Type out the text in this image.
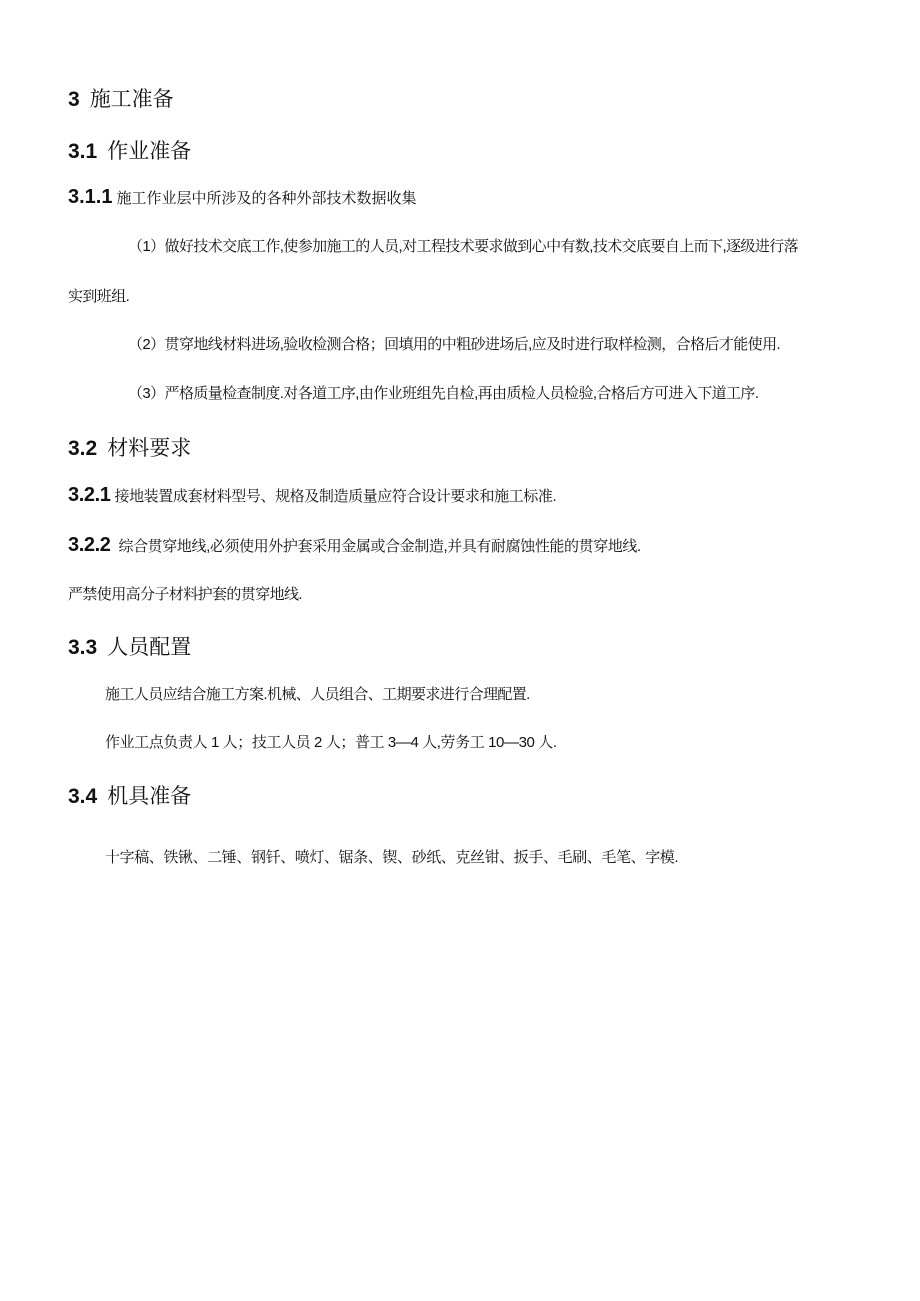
3 施工准备
3.1 作业准备
3.1.1 施工作业层中所涉及的各种外部技术数据收集
（1）做好技术交底工作,使参加施工的人员,对工程技术要求做到心中有数,技术交底要自上而下,逐级进行落
实到班组.
（2）贯穿地线材料进场,验收检测合格；回填用的中粗砂进场后,应及时进行取样检测，合格后才能使用.
（3）严格质量检查制度.对各道工序,由作业班组先自检,再由质检人员检验,合格后方可进入下道工序.
3.2 材料要求
3.2.1 接地装置成套材料型号、规格及制造质量应符合设计要求和施工标准.
3.2.2 综合贯穿地线,必须使用外护套采用金属或合金制造,并具有耐腐蚀性能的贯穿地线.
严禁使用高分子材料护套的贯穿地线.
3.3 人员配置
施工人员应结合施工方案.机械、人员组合、工期要求进行合理配置.
作业工点负责人 1 人；技工人员 2 人；普工 3—4 人,劳务工 10—30 人.
3.4 机具准备
十字稿、铁锹、二锤、钢钎、喷灯、锯条、锲、砂纸、克丝钳、扳手、毛刷、毛笔、字模.
